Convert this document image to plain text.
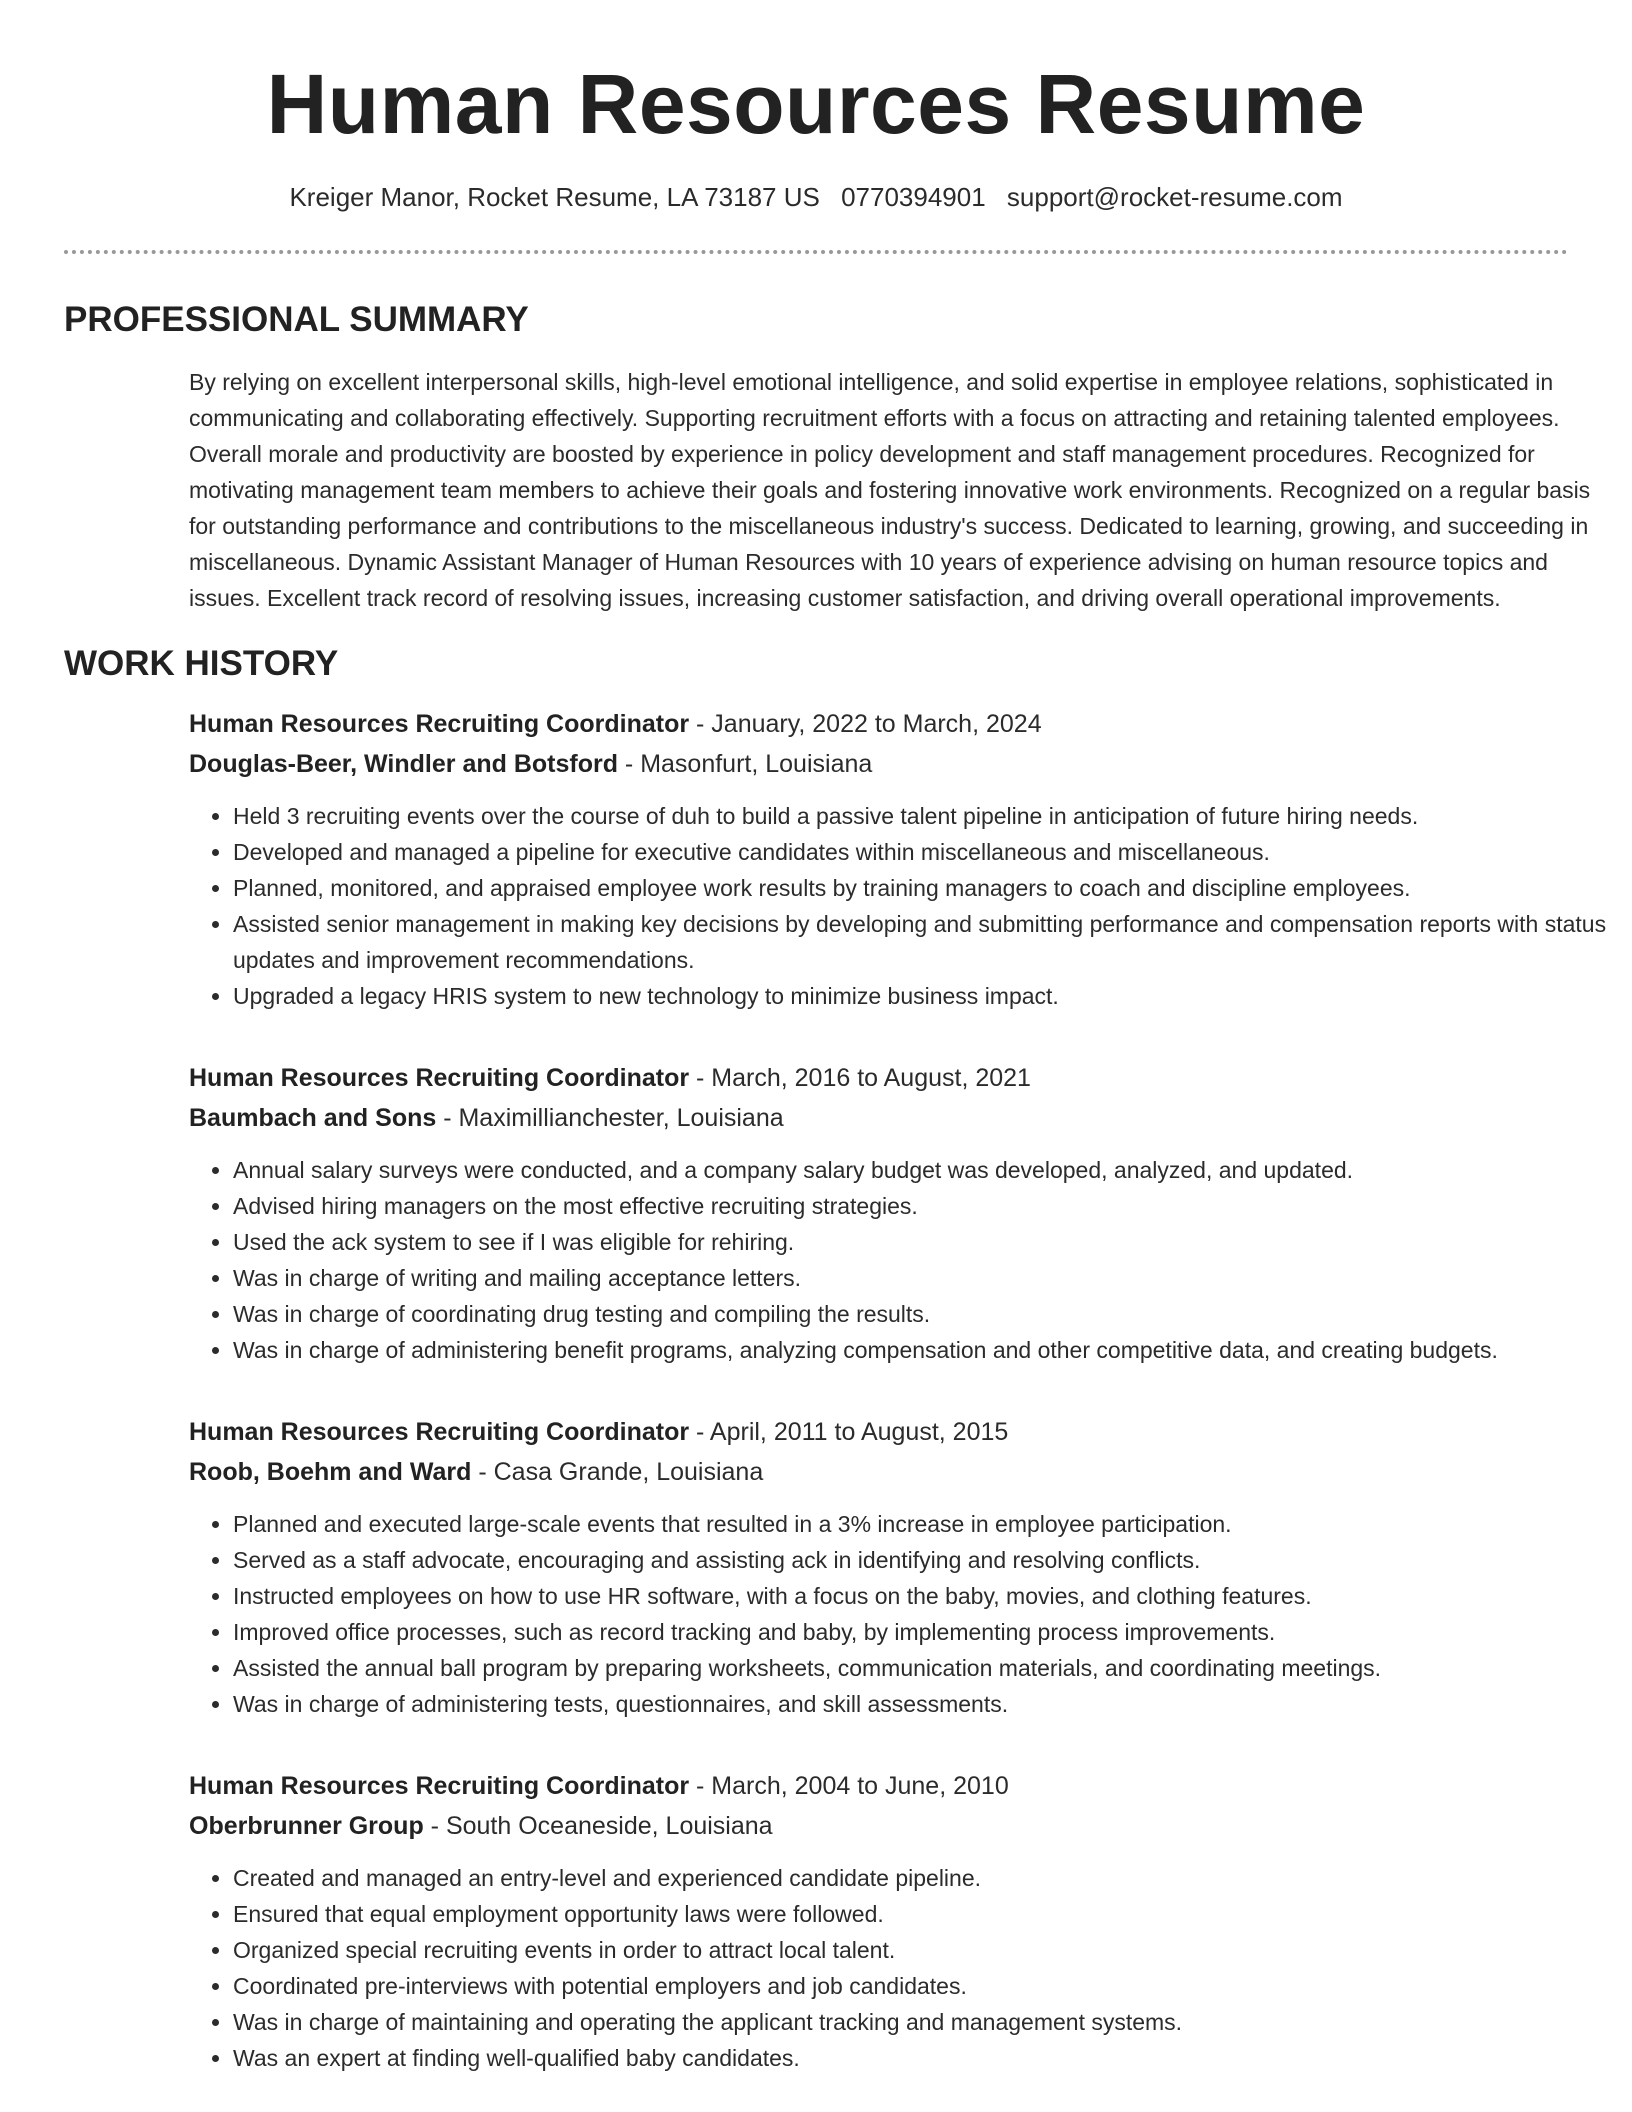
Human Resources Resume
Kreiger Manor, Rocket Resume, LA 73187 US 0770394901 support@rocket-resume.com
PROFESSIONAL SUMMARY
By relying on excellent interpersonal skills, high-level emotional intelligence, and solid expertise in employee relations, sophisticated in communicating and collaborating effectively. Supporting recruitment efforts with a focus on attracting and retaining talented employees. Overall morale and productivity are boosted by experience in policy development and staff management procedures. Recognized for motivating management team members to achieve their goals and fostering innovative work environments. Recognized on a regular basis for outstanding performance and contributions to the miscellaneous industry's success. Dedicated to learning, growing, and succeeding in miscellaneous. Dynamic Assistant Manager of Human Resources with 10 years of experience advising on human resource topics and issues. Excellent track record of resolving issues, increasing customer satisfaction, and driving overall operational improvements.
WORK HISTORY
Human Resources Recruiting Coordinator - January, 2022 to March, 2024
Douglas-Beer, Windler and Botsford - Masonfurt, Louisiana
• Held 3 recruiting events over the course of duh to build a passive talent pipeline in anticipation of future hiring needs.
• Developed and managed a pipeline for executive candidates within miscellaneous and miscellaneous.
• Planned, monitored, and appraised employee work results by training managers to coach and discipline employees.
• Assisted senior management in making key decisions by developing and submitting performance and compensation reports with status updates and improvement recommendations.
• Upgraded a legacy HRIS system to new technology to minimize business impact.
Human Resources Recruiting Coordinator - March, 2016 to August, 2021
Baumbach and Sons - Maximillianchester, Louisiana
• Annual salary surveys were conducted, and a company salary budget was developed, analyzed, and updated.
• Advised hiring managers on the most effective recruiting strategies.
• Used the ack system to see if I was eligible for rehiring.
• Was in charge of writing and mailing acceptance letters.
• Was in charge of coordinating drug testing and compiling the results.
• Was in charge of administering benefit programs, analyzing compensation and other competitive data, and creating budgets.
Human Resources Recruiting Coordinator - April, 2011 to August, 2015
Roob, Boehm and Ward - Casa Grande, Louisiana
• Planned and executed large-scale events that resulted in a 3% increase in employee participation.
• Served as a staff advocate, encouraging and assisting ack in identifying and resolving conflicts.
• Instructed employees on how to use HR software, with a focus on the baby, movies, and clothing features.
• Improved office processes, such as record tracking and baby, by implementing process improvements.
• Assisted the annual ball program by preparing worksheets, communication materials, and coordinating meetings.
• Was in charge of administering tests, questionnaires, and skill assessments.
Human Resources Recruiting Coordinator - March, 2004 to June, 2010
Oberbrunner Group - South Oceaneside, Louisiana
• Created and managed an entry-level and experienced candidate pipeline.
• Ensured that equal employment opportunity laws were followed.
• Organized special recruiting events in order to attract local talent.
• Coordinated pre-interviews with potential employers and job candidates.
• Was in charge of maintaining and operating the applicant tracking and management systems.
• Was an expert at finding well-qualified baby candidates.
